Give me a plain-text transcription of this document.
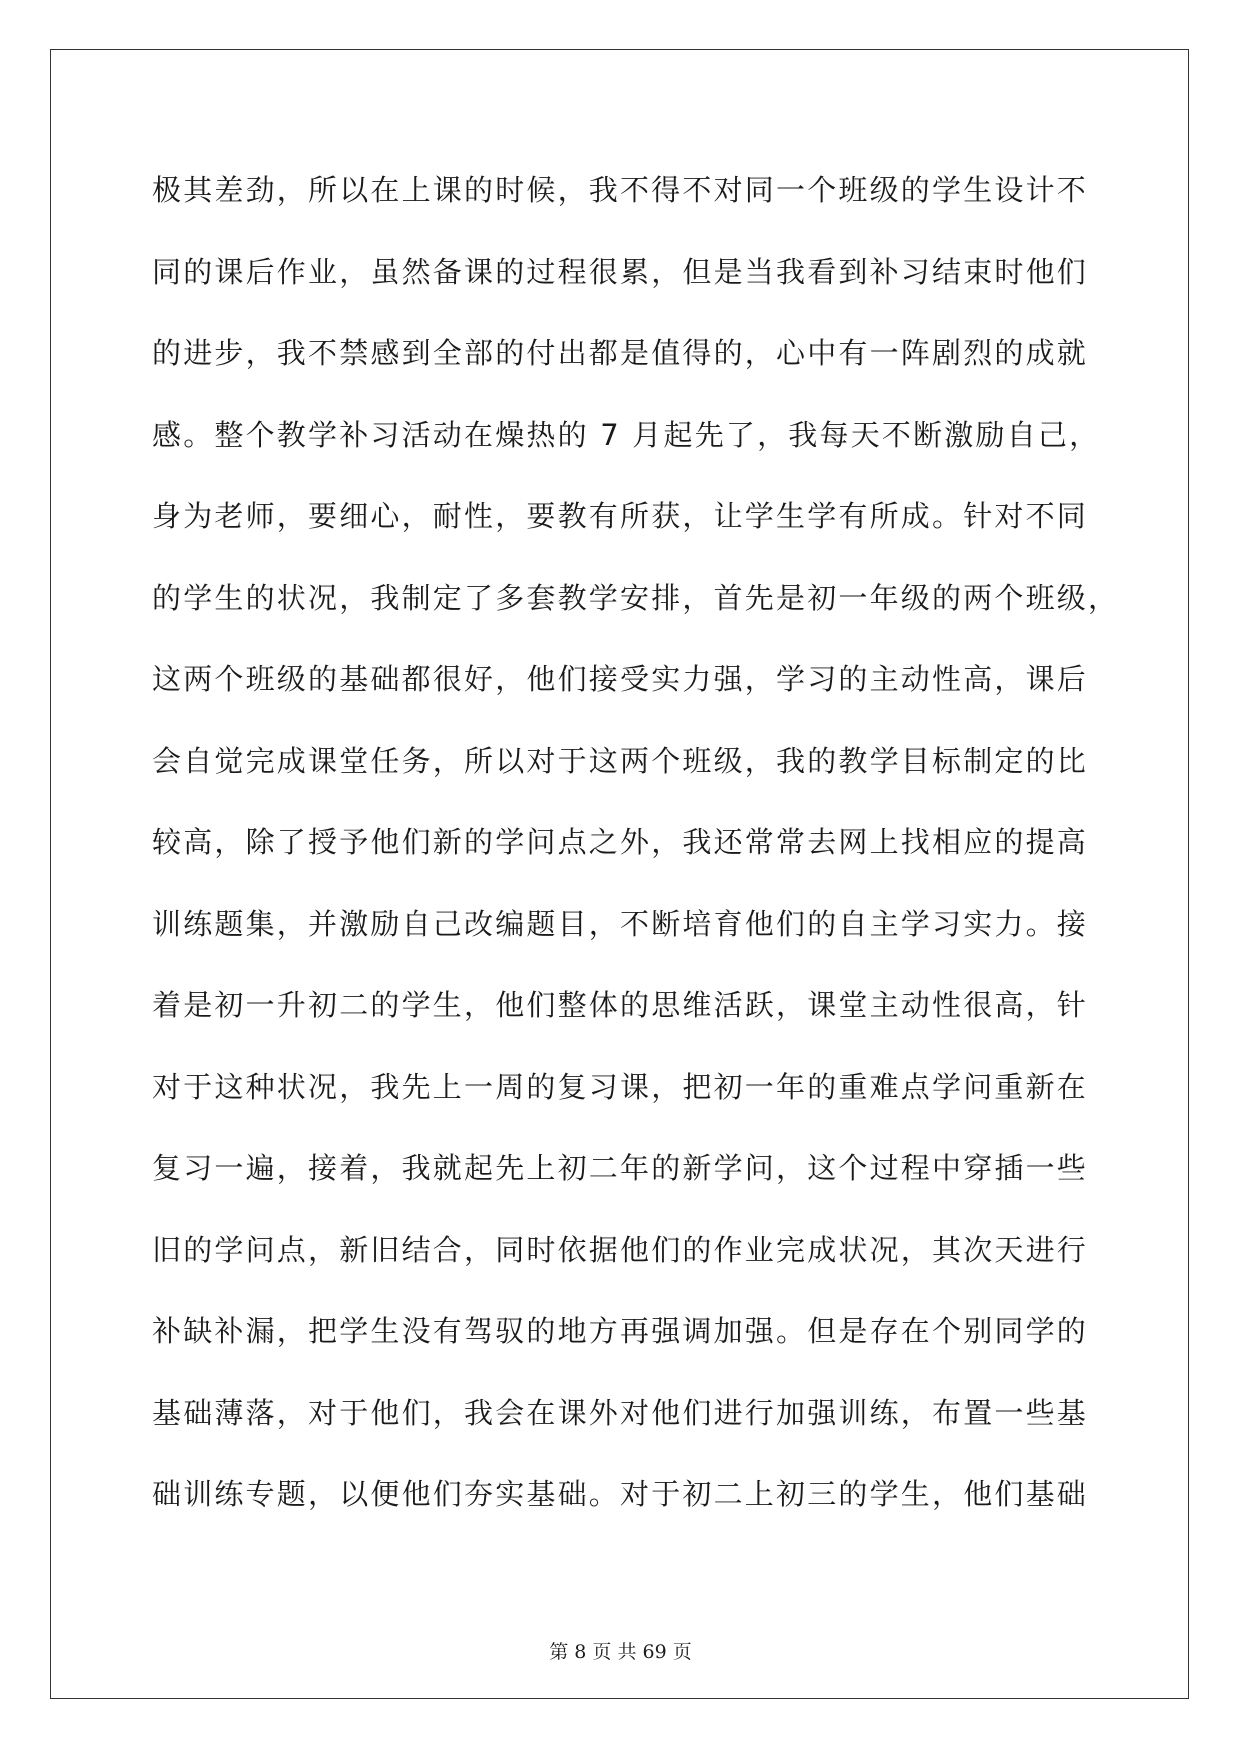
极其差劲，所以在上课的时候，我不得不对同一个班级的学生设计不
同的课后作业，虽然备课的过程很累，但是当我看到补习结束时他们
的进步，我不禁感到全部的付出都是值得的，心中有一阵剧烈的成就
感。整个教学补习活动在燥热的 7 月起先了，我每天不断激励自己，
身为老师，要细心，耐性，要教有所获，让学生学有所成。针对不同
的学生的状况，我制定了多套教学安排，首先是初一年级的两个班级，
这两个班级的基础都很好，他们接受实力强，学习的主动性高，课后
会自觉完成课堂任务，所以对于这两个班级，我的教学目标制定的比
较高，除了授予他们新的学问点之外，我还常常去网上找相应的提高
训练题集，并激励自己改编题目，不断培育他们的自主学习实力。接
着是初一升初二的学生，他们整体的思维活跃，课堂主动性很高，针
对于这种状况，我先上一周的复习课，把初一年的重难点学问重新在
复习一遍，接着，我就起先上初二年的新学问，这个过程中穿插一些
旧的学问点，新旧结合，同时依据他们的作业完成状况，其次天进行
补缺补漏，把学生没有驾驭的地方再强调加强。但是存在个别同学的
基础薄落，对于他们，我会在课外对他们进行加强训练，布置一些基
础训练专题，以便他们夯实基础。对于初二上初三的学生，他们基础
第 8 页 共 69 页
